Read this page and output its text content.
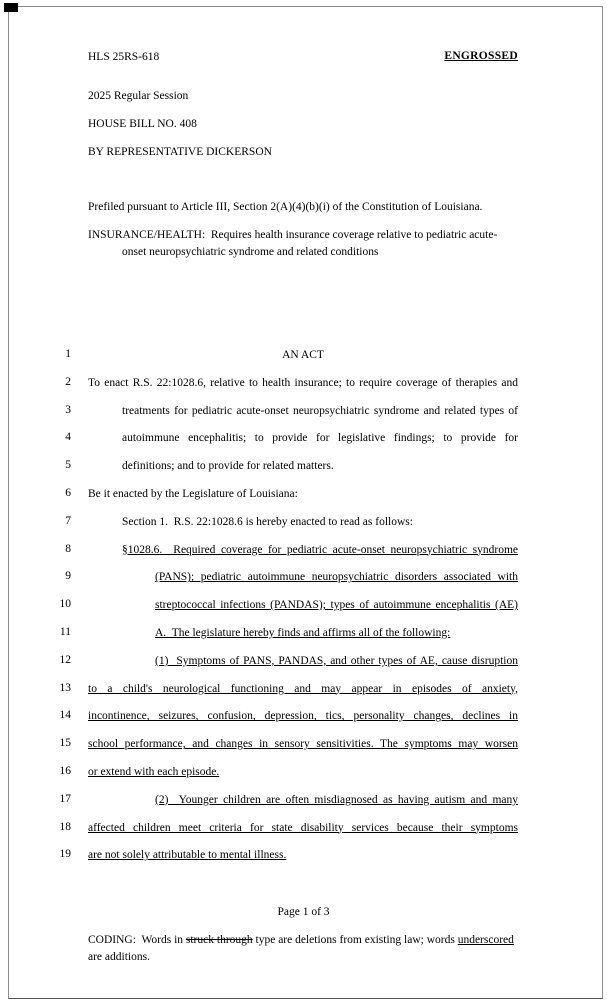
HLS 25RS-618	ENGROSSED
2025 Regular Session
HOUSE BILL NO. 408
BY REPRESENTATIVE DICKERSON
Prefiled pursuant to Article III, Section 2(A)(4)(b)(i) of the Constitution of Louisiana.
INSURANCE/HEALTH:  Requires health insurance coverage relative to pediatric acute-
onset neuropsychiatric syndrome and related conditions
1	AN ACT
2 To enact R.S. 22:1028.6, relative to health insurance; to require coverage of therapies and
3	treatments for pediatric acute-onset neuropsychiatric syndrome and related types of
4	autoimmune encephalitis; to provide for legislative findings; to provide for
5	definitions; and to provide for related matters.
6 Be it enacted by the Legislature of Louisiana:
7	Section 1.  R.S. 22:1028.6 is hereby enacted to read as follows:
8	§1028.6.  Required coverage for pediatric acute-onset neuropsychiatric syndrome
9	(PANS); pediatric autoimmune neuropsychiatric disorders associated with
10	streptococcal infections (PANDAS); types of autoimmune encephalitis (AE)
11	A.  The legislature hereby finds and affirms all of the following:
12	(1)  Symptoms of PANS, PANDAS, and other types of AE, cause disruption
13 to a child's neurological functioning and may appear in episodes of anxiety,
14 incontinence, seizures, confusion, depression, tics, personality changes, declines in
15 school performance, and changes in sensory sensitivities. The symptoms may worsen
16 or extend with each episode.
17	(2)  Younger children are often misdiagnosed as having autism and many
18 affected children meet criteria for state disability services because their symptoms
19 are not solely attributable to mental illness.
Page 1 of 3
CODING:  Words in struck through type are deletions from existing law; words underscored
are additions.
